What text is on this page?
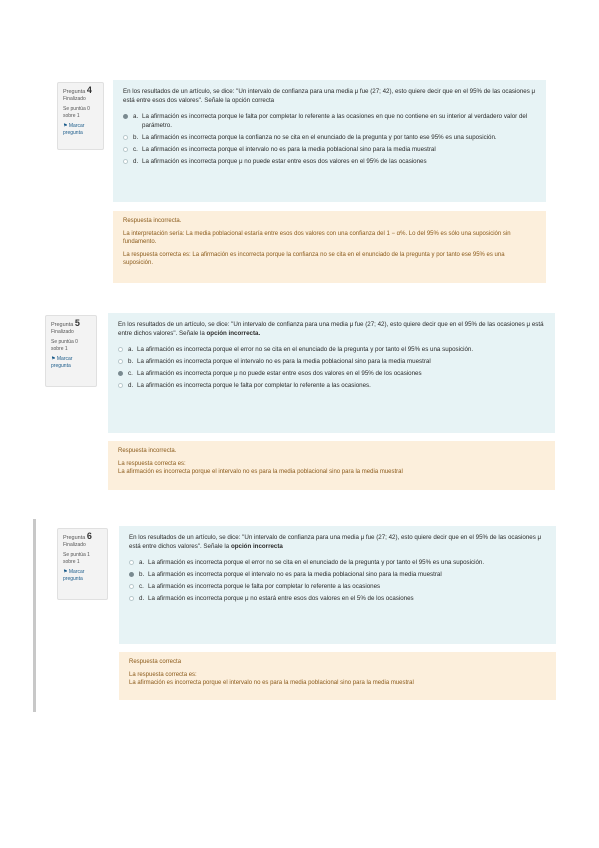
Pregunta 4
Finalizado
Se puntúa 0 sobre 1
⚑ Marcar pregunta
En los resultados de un artículo, se dice: "Un intervalo de confianza para una media μ fue (27; 42), esto quiere decir que en el 95% de las ocasiones μ está entre esos dos valores". Señale la opción correcta
a. La afirmación es incorrecta porque le falta por completar lo referente a las ocasiones en que no contiene en su interior al verdadero valor del parámetro.
b. La afirmación es incorrecta porque la confianza no se cita en el enunciado de la pregunta y por tanto ese 95% es una suposición.
c. La afirmación es incorrecta porque el intervalo no es para la media poblacional sino para la media muestral
d. La afirmación es incorrecta porque μ no puede estar entre esos dos valores en el 95% de las ocasiones

Respuesta incorrecta.

La interpretación sería: La media poblacional estaría entre esos dos valores con una confianza del 1 − α%. Lo del 95% es sólo una suposición sin fundamento.

La respuesta correcta es: La afirmación es incorrecta porque la confianza no se cita en el enunciado de la pregunta y por tanto ese 95% es una suposición.

Pregunta 5
Finalizado
Se puntúa 0 sobre 1
⚑ Marcar pregunta
En los resultados de un artículo, se dice: "Un intervalo de confianza para una media μ fue (27; 42), esto quiere decir que en el 95% de las ocasiones μ está entre dichos valores". Señale la opción incorrecta.
a. La afirmación es incorrecta porque el error no se cita en el enunciado de la pregunta y por tanto el 95% es una suposición.
b. La afirmación es incorrecta porque el intervalo no es para la media poblacional sino para la media muestral
c. La afirmación es incorrecta porque μ no puede estar entre esos dos valores en el 95% de los ocasiones
d. La afirmación es incorrecta porque le falta por completar lo referente a las ocasiones.

Respuesta incorrecta.

La respuesta correcta es:

La afirmación es incorrecta porque el intervalo no es para la media poblacional sino para la media muestral

Pregunta 6
Finalizado
Se puntúa 1 sobre 1
⚑ Marcar pregunta
En los resultados de un artículo, se dice: "Un intervalo de confianza para una media μ fue (27; 42), esto quiere decir que en el 95% de las ocasiones μ está entre dichos valores". Señale la opción incorrecta
a. La afirmación es incorrecta porque el error no se cita en el enunciado de la pregunta y por tanto el 95% es una suposición.
b. La afirmación es incorrecta porque el intervalo no es para la media poblacional sino para la media muestral
c. La afirmación es incorrecta porque le falta por completar lo referente a las ocasiones
d. La afirmación es incorrecta porque μ no estará entre esos dos valores en el 5% de los ocasiones

Respuesta correcta

La respuesta correcta es:

La afirmación es incorrecta porque el intervalo no es para la media poblacional sino para la media muestral
